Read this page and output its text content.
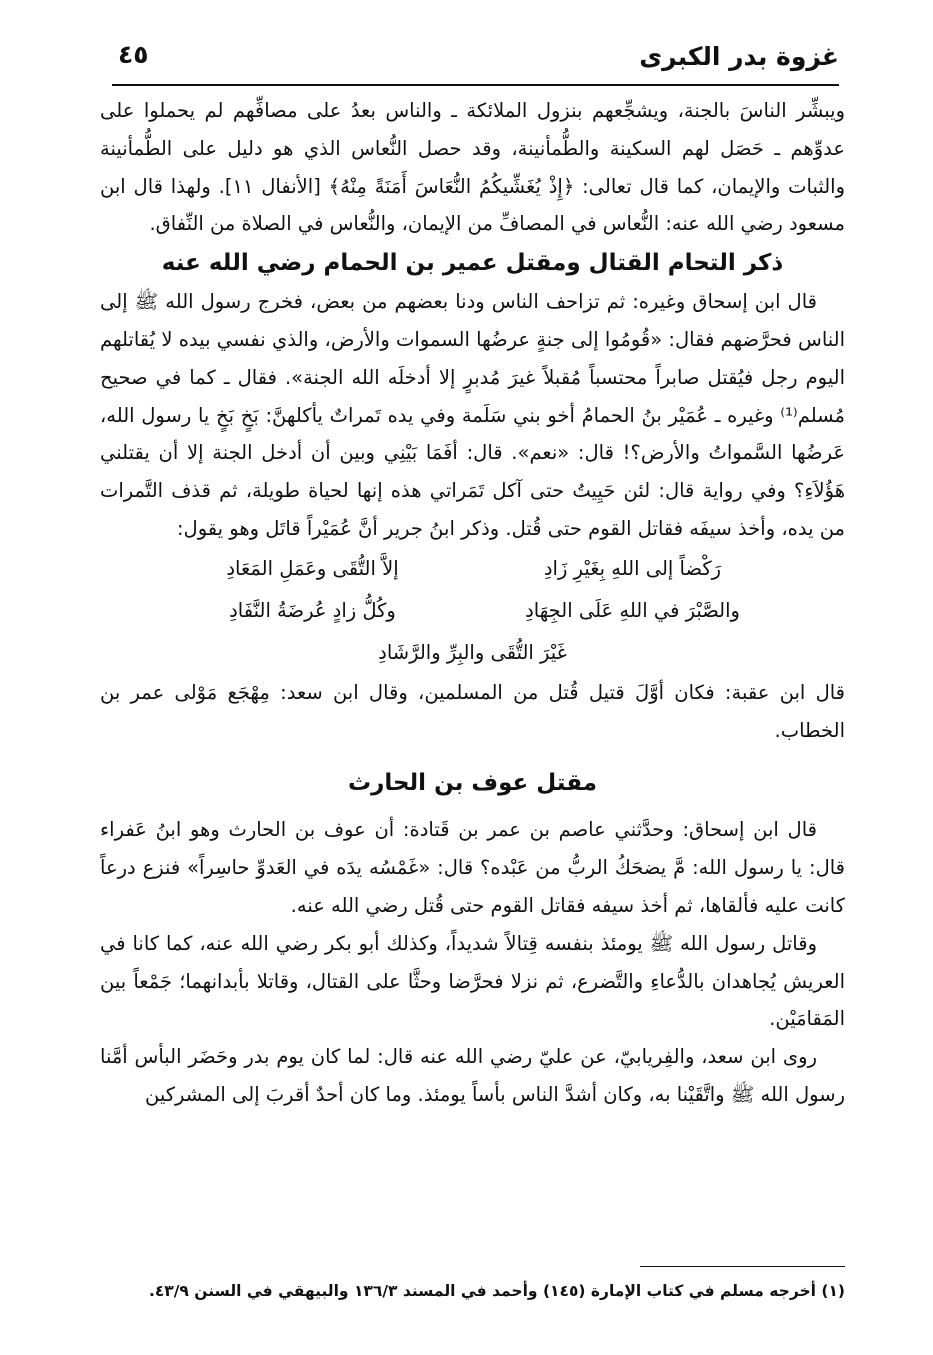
غزوة بدر الكبرى
٤٥

ويبشِّر الناسَ بالجنة، ويشجِّعهم بنزول الملائكة ـ والناس بعدُ على مصافِّهم لم يحملوا على عدوِّهم ـ حَصَل لهم السكينة والطُّمأنينة، وقد حصل النُّعاس الذي هو دليل على الطُّمأنينة والثبات والإيمان، كما قال تعالى: ﴿إِذْ يُغَشِّيكُمُ النُّعَاسَ أَمَنَةً مِنْهُ﴾ [الأنفال ١١]. ولهذا قال ابن مسعود رضي الله عنه: النُّعاس في المصافِّ من الإيمان، والنُّعاس في الصلاة من النِّفاق.

ذكر التحام القتال ومقتل عمير بن الحمام رضي الله عنه

قال ابن إسحاق وغيره: ثم تزاحف الناس ودنا بعضهم من بعض، فخرج رسول الله ﷺ إلى الناس فحرَّضهم فقال: «قُومُوا إلى جنةٍ عرضُها السموات والأرض، والذي نفسي بيده لا يُقاتلهم اليوم رجل فيُقتل صابراً محتسباً مُقبلاً غيرَ مُدبرٍ إلا أدخلَه الله الجنة». فقال ـ كما في صحيح مُسلم⁽¹⁾ وغيره ـ عُمَيْر بنُ الحمامُ أخو بني سَلَمة وفي يده تَمراتٌ يأكلهنَّ: بَخٍ بَخٍ يا رسول الله، عَرضُها السَّمواتُ والأرض؟! قال: «نعم». قال: أفَمَا بَيْنِي وبين أن أدخل الجنة إلا أن يقتلني هَؤُلاَءِ؟ وفي رواية قال: لئن حَيِيتُ حتى آكل تَمَراتي هذه إنها لحياة طويلة، ثم قذف التَّمرات من يده، وأخذ سيفَه فقاتل القوم حتى قُتل. وذكر ابنُ جرير أنَّ عُمَيْراً قاتَل وهو يقول:

رَكْضاً إلى اللهِ بِغَيْرِ زَادِإلاَّ التُّقَى وعَمَلِ المَعَادِ
والصَّبْرَ في اللهِ عَلَى الجِهَادِوكُلُّ زادٍ عُرضَةُ النَّفَادِ
غَيْرَ التُّقَى والبِرِّ والرَّشَادِ

قال ابن عقبة: فكان أوَّلَ قتيل قُتل من المسلمين، وقال ابن سعد: مِهْجَع مَوْلى عمر بن الخطاب.

مقتل عوف بن الحارث

قال ابن إسحاق: وحدَّثني عاصم بن عمر بن قَتادة: أن عوف بن الحارث وهو ابنُ عَفراء قال: يا رسول الله: مَّ يضحَكُ الربُّ من عَبْده؟ قال: «غَمْسُه يدَه في العَدوِّ حاسِراً» فنزع درعاً كانت عليه فألقاها، ثم أخذ سيفه فقاتل القوم حتى قُتل رضي الله عنه.

وقاتل رسول الله ﷺ يومئذ بنفسه قِتالاً شديداً، وكذلك أبو بكر رضي الله عنه، كما كانا في العريش يُجاهدان بالدُّعاءِ والتَّضرع، ثم نزلا فحرَّضا وحثَّا على القتال، وقاتلا بأبدانهما؛ جَمْعاً بين المَقامَيْن.

روى ابن سعد، والفِريابيّ، عن عليّ رضي الله عنه قال: لما كان يوم بدر وحَضَر البأس أمَّنا رسول الله ﷺ واتَّقَيْنا به، وكان أشدَّ الناس بأساً يومئذ. وما كان أحدٌ أقربَ إلى المشركين

(١) أخرجه مسلم في كتاب الإمارة (١٤٥) وأحمد في المسند ١٣٦/٣ والبيهقي في السنن ٤٣/٩.
